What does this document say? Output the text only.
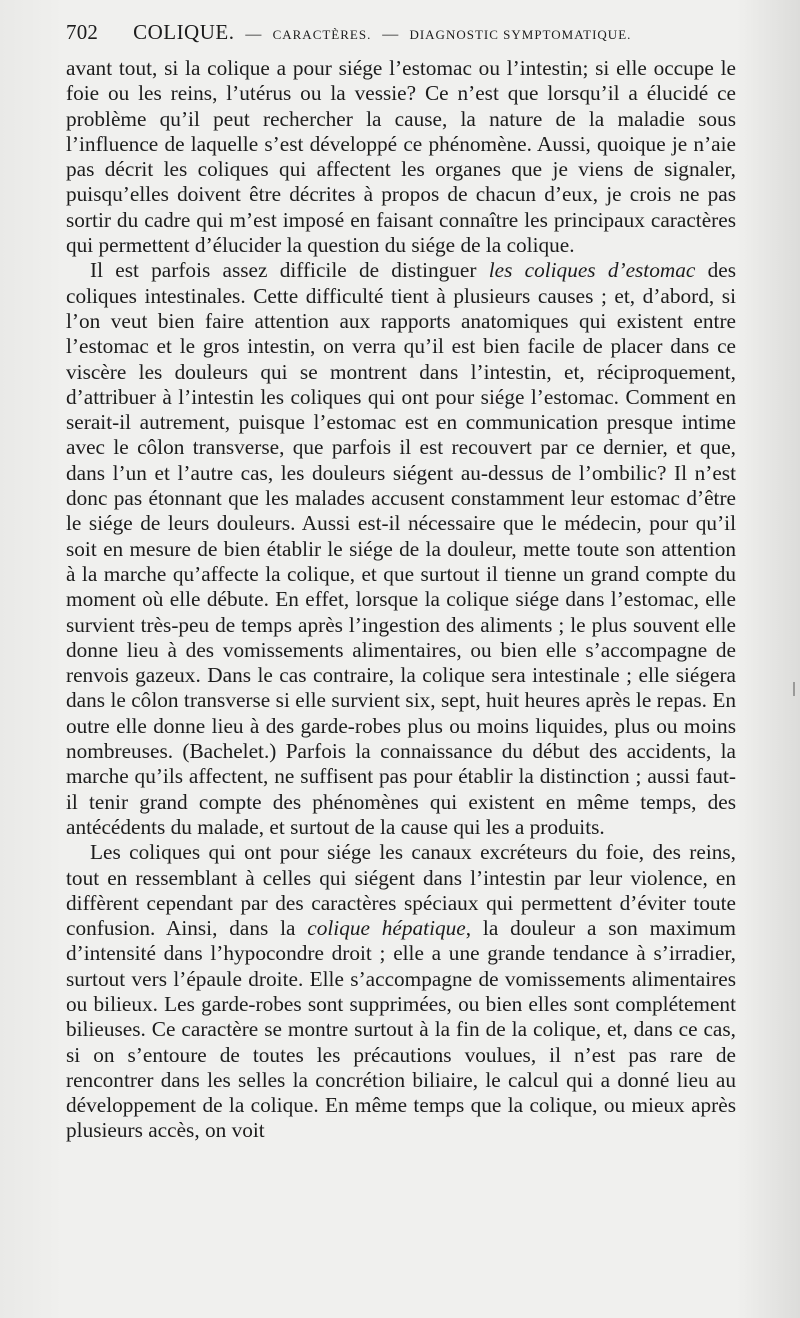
702 COLIQUE. — CARACTÈRES. — DIAGNOSTIC SYMPTOMATIQUE.

avant tout, si la colique a pour siége l’estomac ou l’intestin; si elle occupe le foie ou les reins, l’utérus ou la vessie? Ce n’est que lorsqu’il a élucidé ce problème qu’il peut rechercher la cause, la nature de la maladie sous l’influence de laquelle s’est développé ce phénomène. Aussi, quoique je n’aie pas décrit les coliques qui affectent les organes que je viens de signaler, puisqu’elles doivent être décrites à propos de chacun d’eux, je crois ne pas sortir du cadre qui m’est imposé en faisant connaître les principaux caractères qui permettent d’élucider la question du siége de la colique.

Il est parfois assez difficile de distinguer les coliques d’estomac des coliques intestinales. Cette difficulté tient à plusieurs causes ; et, d’abord, si l’on veut bien faire attention aux rapports anatomiques qui existent entre l’estomac et le gros intestin, on verra qu’il est bien facile de placer dans ce viscère les douleurs qui se montrent dans l’intestin, et, réciproquement, d’attribuer à l’intestin les coliques qui ont pour siége l’estomac. Comment en serait-il autrement, puisque l’estomac est en communication presque intime avec le côlon transverse, que parfois il est recouvert par ce dernier, et que, dans l’un et l’autre cas, les douleurs siégent au-dessus de l’ombilic? Il n’est donc pas étonnant que les malades accusent constamment leur estomac d’être le siége de leurs douleurs. Aussi est-il nécessaire que le médecin, pour qu’il soit en mesure de bien établir le siége de la douleur, mette toute son attention à la marche qu’affecte la colique, et que surtout il tienne un grand compte du moment où elle débute. En effet, lorsque la colique siége dans l’estomac, elle survient très-peu de temps après l’ingestion des aliments ; le plus souvent elle donne lieu à des vomissements alimentaires, ou bien elle s’accompagne de renvois gazeux. Dans le cas contraire, la colique sera intestinale ; elle siégera dans le côlon transverse si elle survient six, sept, huit heures après le repas. En outre elle donne lieu à des garde-robes plus ou moins liquides, plus ou moins nombreuses. (Bachelet.) Parfois la connaissance du début des accidents, la marche qu’ils affectent, ne suffisent pas pour établir la distinction ; aussi faut-il tenir grand compte des phénomènes qui existent en même temps, des antécédents du malade, et surtout de la cause qui les a produits.

Les coliques qui ont pour siége les canaux excréteurs du foie, des reins, tout en ressemblant à celles qui siégent dans l’intestin par leur violence, en diffèrent cependant par des caractères spéciaux qui permettent d’éviter toute confusion. Ainsi, dans la colique hépatique, la douleur a son maximum d’intensité dans l’hypocondre droit ; elle a une grande tendance à s’irradier, surtout vers l’épaule droite. Elle s’accompagne de vomissements alimentaires ou bilieux. Les garde-robes sont supprimées, ou bien elles sont complétement bilieuses. Ce caractère se montre surtout à la fin de la colique, et, dans ce cas, si on s’entoure de toutes les précautions voulues, il n’est pas rare de rencontrer dans les selles la concrétion biliaire, le calcul qui a donné lieu au développement de la colique. En même temps que la colique, ou mieux après plusieurs accès, on voit
